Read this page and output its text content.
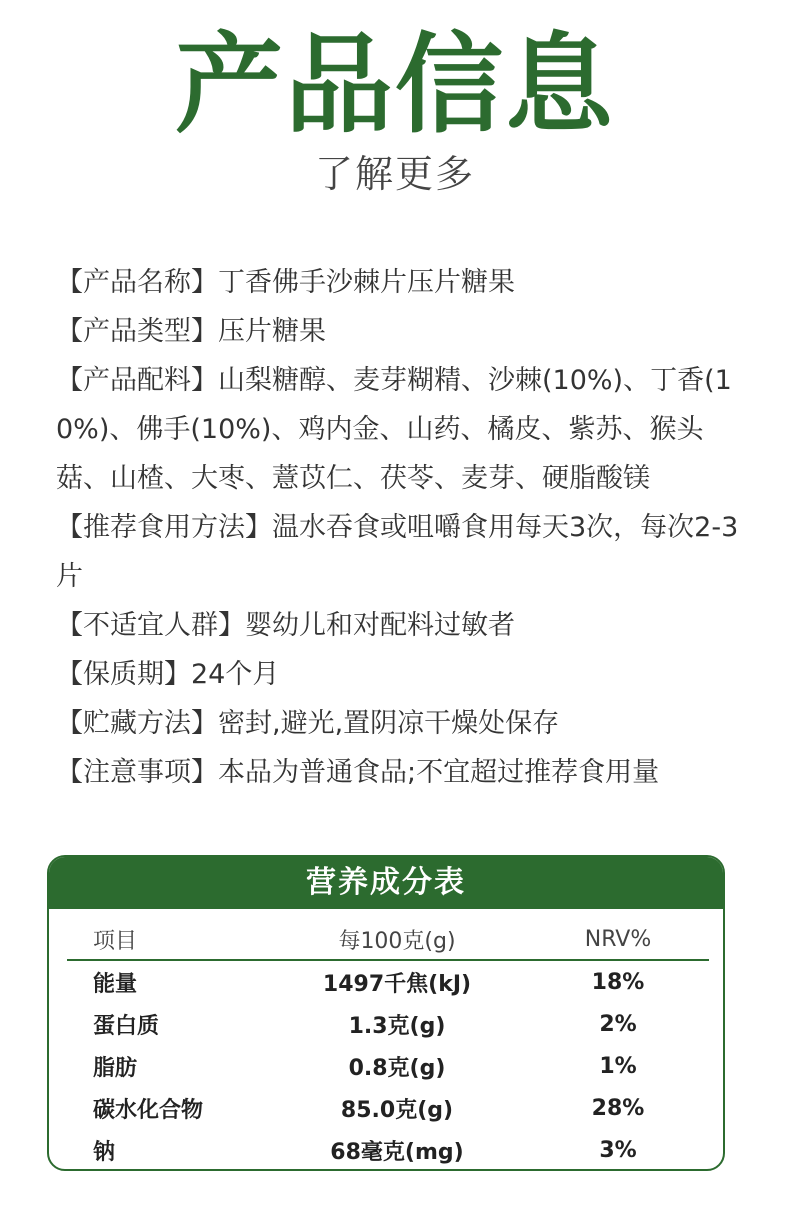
产品信息
了解更多

【产品名称】丁香佛手沙棘片压片糖果

【产品类型】压片糖果

【产品配料】山梨糖醇、麦芽糊精、沙棘(10%)、丁香(10%)、佛手(10%)、鸡内金、山药、橘皮、紫苏、猴头菇、山楂、大枣、薏苡仁、茯苓、麦芽、硬脂酸镁

【推荐食用方法】温水吞食或咀嚼食用每天3次，每次2-3片

【不适宜人群】婴幼儿和对配料过敏者

【保质期】24个月

【贮藏方法】密封,避光,置阴凉干燥处保存

【注意事项】本品为普通食品;不宜超过推荐食用量

营养成分表
项目	每100克(g)	NRV%
能量	1497千焦(kJ)	18%
蛋白质	1.3克(g)	2%
脂肪	0.8克(g)	1%
碳水化合物	85.0克(g)	28%
钠	68毫克(mg)	3%
